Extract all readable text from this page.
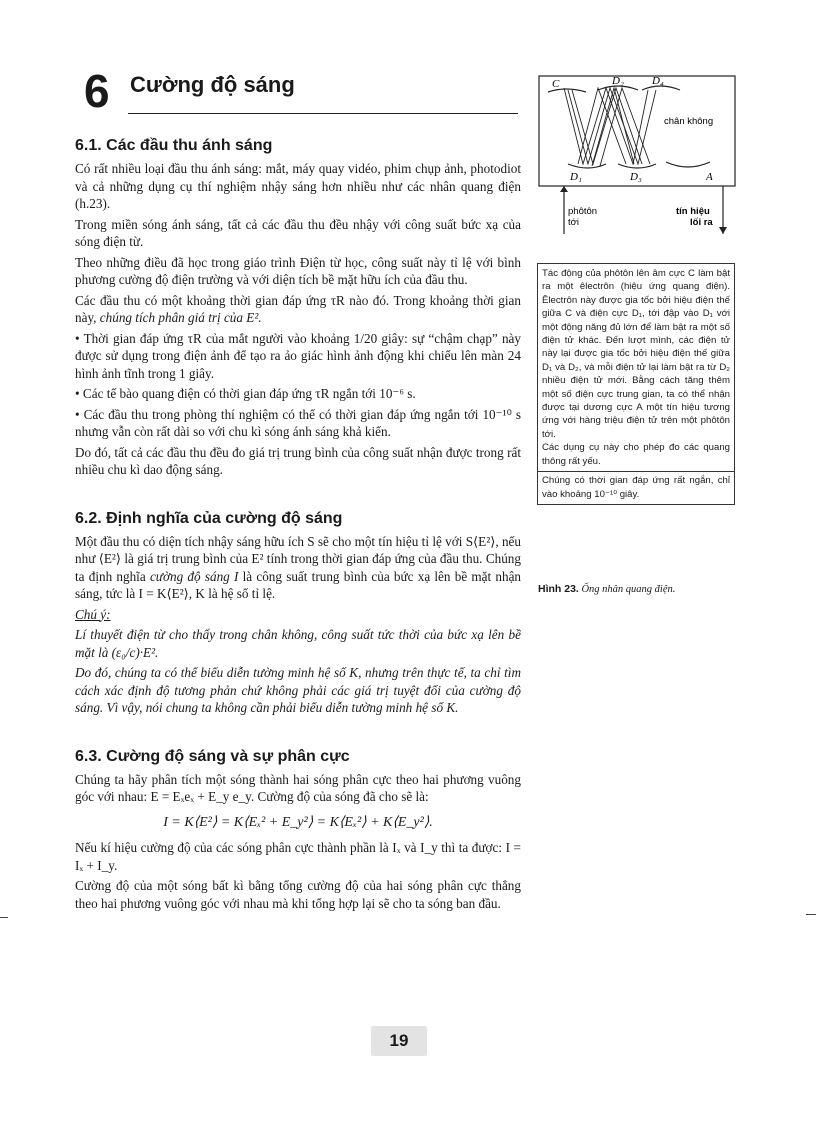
6 Cường độ sáng
6.1. Các đầu thu ánh sáng

Có rất nhiều loại đầu thu ánh sáng: mắt, máy quay vidéo, phim chụp ảnh, photodiot và cả những dụng cụ thí nghiệm nhậy sáng hơn nhiều như các nhân quang điện (h.23).

Trong miền sóng ánh sáng, tất cả các đầu thu đều nhậy với công suất bức xạ của sóng điện từ.

Theo những điều đã học trong giáo trình Điện từ học, công suất này tỉ lệ với bình phương cường độ điện trường và với diện tích bề mặt hữu ích của đầu thu.

Các đầu thu có một khoảng thời gian đáp ứng τR nào đó. Trong khoảng thời gian này, chúng tích phân giá trị của E².

• Thời gian đáp ứng τR của mắt người vào khoảng 1/20 giây: sự “chậm chạp” này được sử dụng trong điện ảnh để tạo ra ảo giác hình ảnh động khi chiếu lên màn 24 hình ảnh tĩnh trong 1 giây.

• Các tế bào quang điện có thời gian đáp ứng τR ngắn tới 10⁻⁶ s.

• Các đầu thu trong phòng thí nghiệm có thể có thời gian đáp ứng ngắn tới 10⁻¹⁰ s nhưng vẫn còn rất dài so với chu kì sóng ánh sáng khả kiến.

Do đó, tất cả các đầu thu đều đo giá trị trung bình của công suất nhận được trong rất nhiều chu kì dao động sáng.

6.2. Định nghĩa của cường độ sáng

Một đầu thu có diện tích nhậy sáng hữu ích S sẽ cho một tín hiệu tỉ lệ với S⟨E²⟩, nếu như ⟨E²⟩ là giá trị trung bình của E² tính trong thời gian đáp ứng của đầu thu. Chúng ta định nghĩa cường độ sáng I là công suất trung bình của bức xạ lên bề mặt nhận sáng, tức là I = K⟨E²⟩, K là hệ số tỉ lệ.

Chú ý:

Lí thuyết điện từ cho thấy trong chân không, công suất tức thời của bức xạ lên bề mặt là (ε₀/c)·E².

Do đó, chúng ta có thể biểu diễn tường minh hệ số K, nhưng trên thực tế, ta chỉ tìm cách xác định độ tương phản chứ không phải các giá trị tuyệt đối của cường độ sáng. Vì vậy, nói chung ta không cần phải biểu diễn tường minh hệ số K.

6.3. Cường độ sáng và sự phân cực

Chúng ta hãy phân tích một sóng thành hai sóng phân cực theo hai phương vuông góc với nhau: E = Eₓeₓ + E_y e_y. Cường độ của sóng đã cho sẽ là:

I = K⟨E²⟩ = K⟨Eₓ² + E_y²⟩ = K⟨Eₓ²⟩ + K⟨E_y²⟩.

Nếu kí hiệu cường độ của các sóng phân cực thành phần là Iₓ và I_y thì ta được: I = Iₓ + I_y.

Cường độ của một sóng bất kì bằng tổng cường độ của hai sóng phân cực thẳng theo hai phương vuông góc với nhau mà khi tổng hợp lại sẽ cho ta sóng ban đầu.

C	D₂	D₄
chân không
D₁	D₃	A
phôtôn
tới
tín hiệu
lối ra

Tác động của phôtôn lên âm cực C làm bật ra một êlectrôn (hiệu ứng quang điện). Êlectrôn này được gia tốc bởi hiệu điện thế giữa C và điện cực D₁, tới đập vào D₁ với một động năng đủ lớn để làm bật ra một số điện tử khác. Đến lượt mình, các điện tử này lại được gia tốc bởi hiệu điện thế giữa D₁ và D₂, và mỗi điện tử lại làm bật ra từ D₂ nhiều điện tử mới. Bằng cách tăng thêm một số điện cực trung gian, ta có thể nhận được tại dương cực A một tín hiệu tương ứng với hàng triệu điện tử trên một phôtôn tới.

Các dụng cụ này cho phép đo các quang thông rất yếu.

Chúng có thời gian đáp ứng rất ngắn, chỉ vào khoảng 10⁻¹⁰ giây.

Hình 23. Ống nhân quang điện.
19
